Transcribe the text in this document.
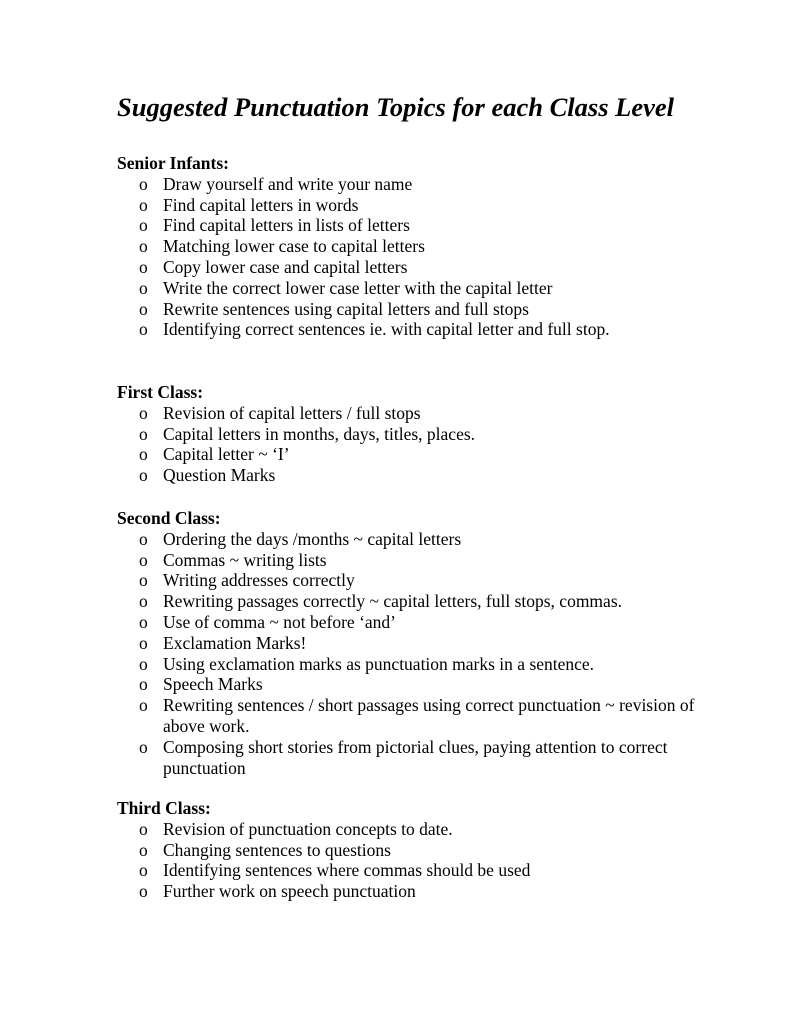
Suggested Punctuation Topics for each Class Level

Senior Infants:

o Draw yourself and write your name
o Find capital letters in words
o Find capital letters in lists of letters
o Matching lower case to capital letters
o Copy lower case and capital letters
o Write the correct lower case letter with the capital letter
o Rewrite sentences using capital letters and full stops
o Identifying correct sentences ie. with capital letter and full stop.

First Class:

o Revision of capital letters / full stops
o Capital letters in months, days, titles, places.
o Capital letter ~ ‘I’
o Question Marks

Second Class:

o Ordering the days /months ~ capital letters
o Commas ~ writing lists
o Writing addresses correctly
o Rewriting passages correctly ~ capital letters, full stops, commas.
o Use of comma ~ not before ‘and’
o Exclamation Marks!
o Using exclamation marks as punctuation marks in a sentence.
o Speech Marks
o Rewriting sentences / short passages using correct punctuation ~ revision of above work.
o Composing short stories from pictorial clues, paying attention to correct punctuation

Third Class:

o Revision of punctuation concepts to date.
o Changing sentences to questions
o Identifying sentences where commas should be used
o Further work on speech punctuation
